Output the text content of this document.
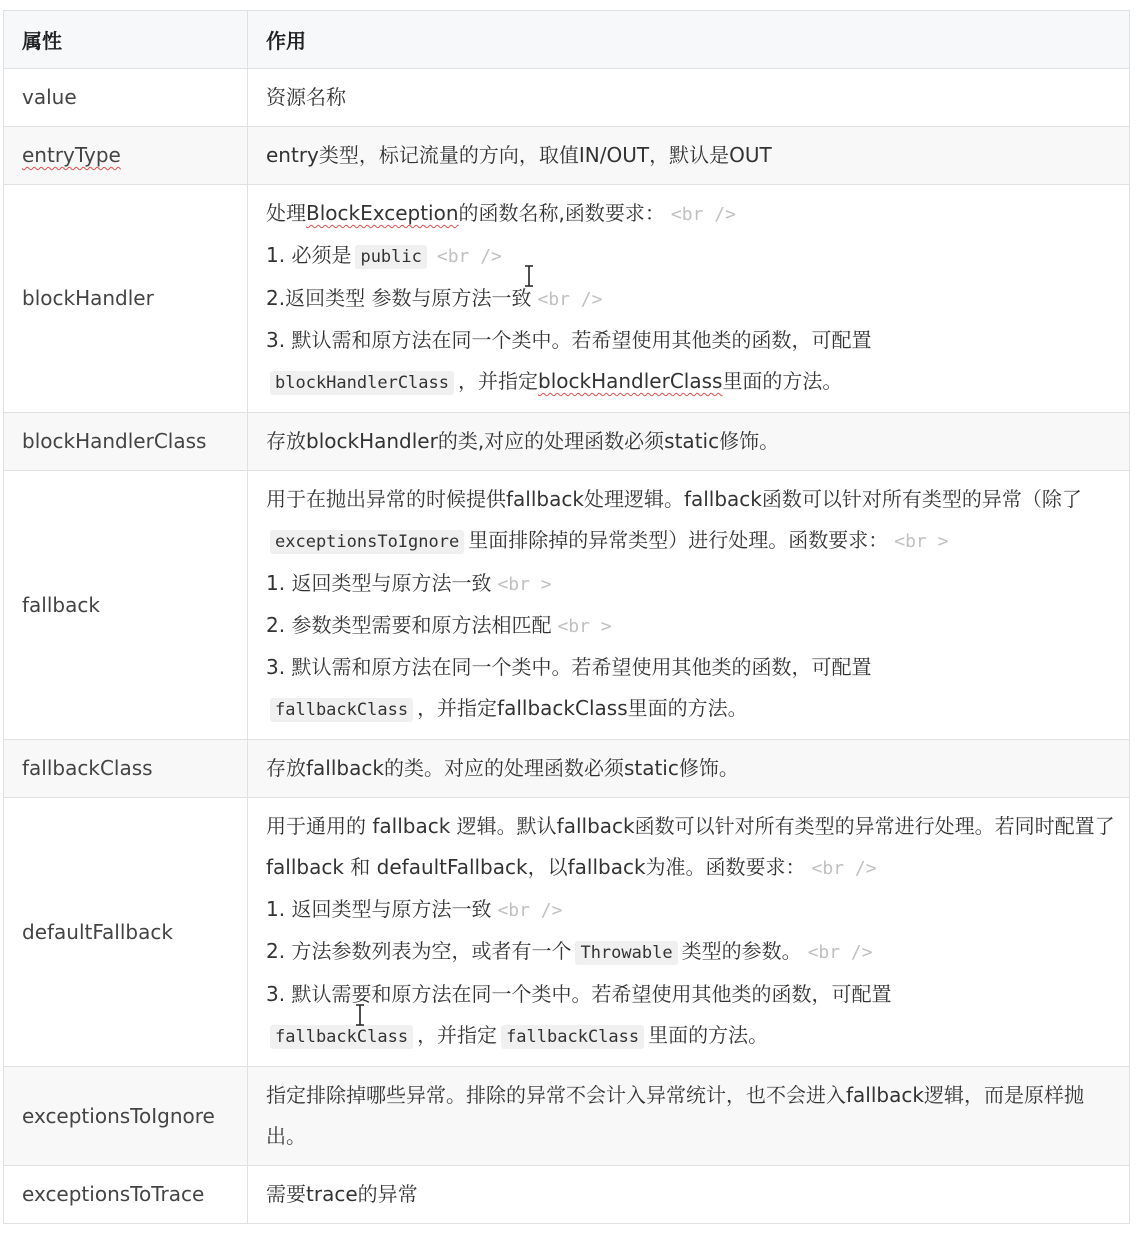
属性	作用
value	资源名称
entryType	entry类型，标记流量的方向，取值IN/OUT，默认是OUT
blockHandler	处理BlockException的函数名称,函数要求： <br />
1. 必须是 public <br />
2.返回类型 参数与原方法一致 <br />
3. 默认需和原方法在同一个类中。若希望使用其他类的函数，可配置
blockHandlerClass ，并指定blockHandlerClass里面的方法。

blockHandlerClass	存放blockHandler的类,对应的处理函数必须static修饰。
fallback	用于在抛出异常的时候提供fallback处理逻辑。fallback函数可以针对所有类型的异常（除了exceptionsToIgnore 里面排除掉的异常类型）进行处理。函数要求： <br >
1. 返回类型与原方法一致 <br >
2. 参数类型需要和原方法相匹配 <br >
3. 默认需和原方法在同一个类中。若希望使用其他类的函数，可配置
fallbackClass ，并指定fallbackClass里面的方法。

fallbackClass	存放fallback的类。对应的处理函数必须static修饰。
defaultFallback	用于通用的 fallback 逻辑。默认fallback函数可以针对所有类型的异常进行处理。若同时配置了 fallback 和 defaultFallback，以fallback为准。函数要求： <br />
1. 返回类型与原方法一致 <br />
2. 方法参数列表为空，或者有一个 Throwable 类型的参数。 <br />
3. 默认需要和原方法在同一个类中。若希望使用其他类的函数，可配置
fallbackClass ，并指定 fallbackClass 里面的方法。

exceptionsToIgnore	指定排除掉哪些异常。排除的异常不会计入异常统计，也不会进入fallback逻辑，而是原样抛出。
exceptionsToTrace	需要trace的异常
